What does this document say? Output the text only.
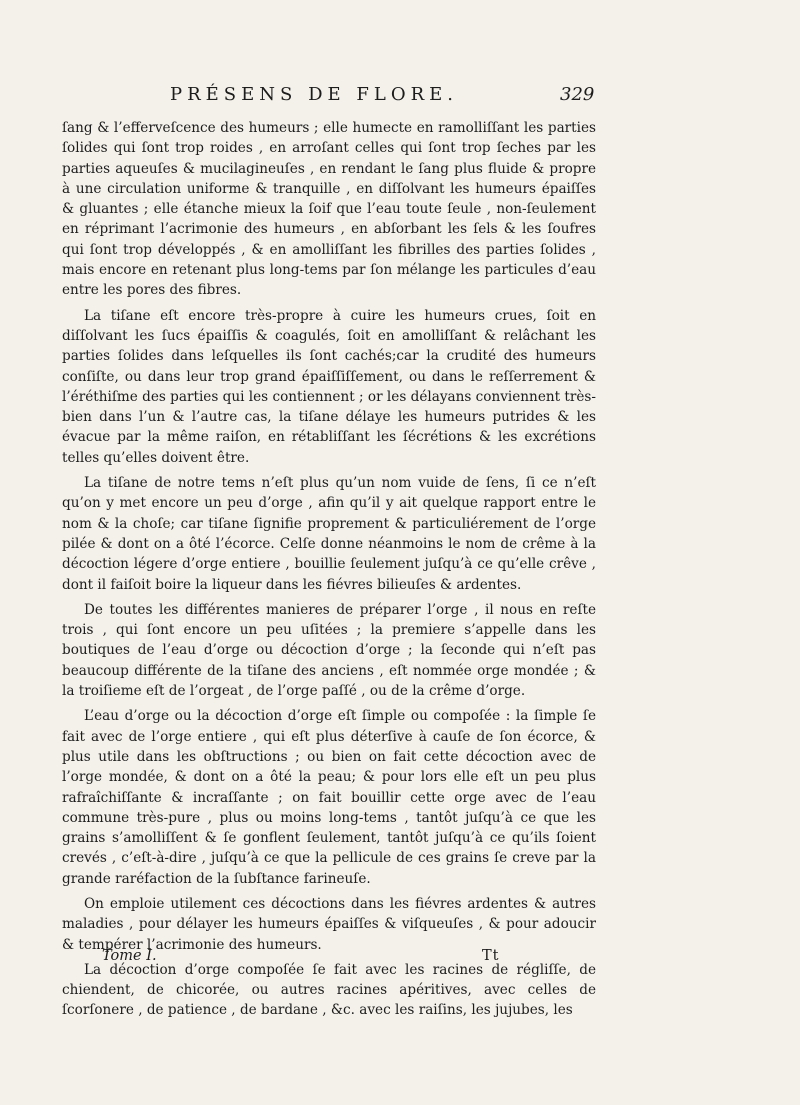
PRÉSENS DE FLORE.	329

ſang & l’efferveſcence des humeurs ; elle humecte en ramolliſſant les parties ſolides qui ſont trop roides , en arroſant celles qui ſont trop ſeches par les parties aqueuſes & mucilagineuſes , en rendant le ſang plus fluide & propre à une circulation uniforme & tranquille , en diſſolvant les humeurs épaiſſes & gluantes ; elle étanche mieux la ſoif que l’eau toute ſeule , non-ſeulement en réprimant l’acrimonie des humeurs , en abſorbant les ſels & les ſoufres qui ſont trop développés , & en amolliſſant les fibrilles des parties ſolides , mais encore en retenant plus long-tems par ſon mélange les particules d’eau entre les pores des fibres.

La tiſane eſt encore très-propre à cuire les humeurs crues, ſoit en diſſolvant les ſucs épaiſſis & coagulés, ſoit en amolliſſant & relâchant les parties ſolides dans leſquelles ils ſont cachés;car la crudité des humeurs conſiſte, ou dans leur trop grand épaiſſiſſement, ou dans le reſſerrement & l’éréthiſme des parties qui les contiennent ; or les délayans conviennent très-bien dans l’un & l’autre cas, la tiſane délaye les humeurs putrides & les évacue par la même raiſon, en rétabliſſant les ſécrétions & les excrétions telles qu’elles doivent être.

La tiſane de notre tems n’eſt plus qu’un nom vuide de ſens, ſi ce n’eſt qu’on y met encore un peu d’orge , afin qu’il y ait quelque rapport entre le nom & la choſe; car tiſane ſignifie proprement & particuliérement de l’orge pilée & dont on a ôté l’écorce. Celſe donne néanmoins le nom de crême à la décoction légere d’orge entiere , bouillie ſeulement juſqu’à ce qu’elle crêve , dont il faiſoit boire la liqueur dans les fiévres bilieuſes & ardentes.

De toutes les différentes manieres de préparer l’orge , il nous en reſte trois , qui ſont encore un peu uſitées ; la premiere s’appelle dans les boutiques de l’eau d’orge ou décoction d’orge ; la ſeconde qui n’eſt pas beaucoup différente de la tiſane des anciens , eſt nommée orge mondée ; & la troiſieme eſt de l’orgeat , de l’orge paſſé , ou de la crême d’orge.

L’eau d’orge ou la décoction d’orge eſt ſimple ou compoſée : la ſimple ſe fait avec de l’orge entiere , qui eſt plus déterſive à cauſe de ſon écorce, & plus utile dans les obſtructions ; ou bien on fait cette décoction avec de l’orge mondée, & dont on a ôté la peau; & pour lors elle eſt un peu plus rafraîchiſſante & incraſſante ; on fait bouillir cette orge avec de l’eau commune très-pure , plus ou moins long-tems , tantôt juſqu’à ce que les grains s’amolliſſent & ſe gonflent ſeulement, tantôt juſqu’à ce qu’ils ſoient crevés , c’eſt-à-dire , juſqu’à ce que la pellicule de ces grains ſe creve par la grande raréfaction de la ſubſtance farineuſe.

On emploie utilement ces décoctions dans les fiévres ardentes & autres maladies , pour délayer les humeurs épaiſſes & viſqueuſes , & pour adoucir & tempérer l’acrimonie des humeurs.

La décoction d’orge compoſée ſe fait avec les racines de régliſſe, de chiendent, de chicorée, ou autres racines apéritives, avec celles de ſcorſonere , de patience , de bardane , &c. avec les raiſins, les jujubes, les

Tome I.	Tt
